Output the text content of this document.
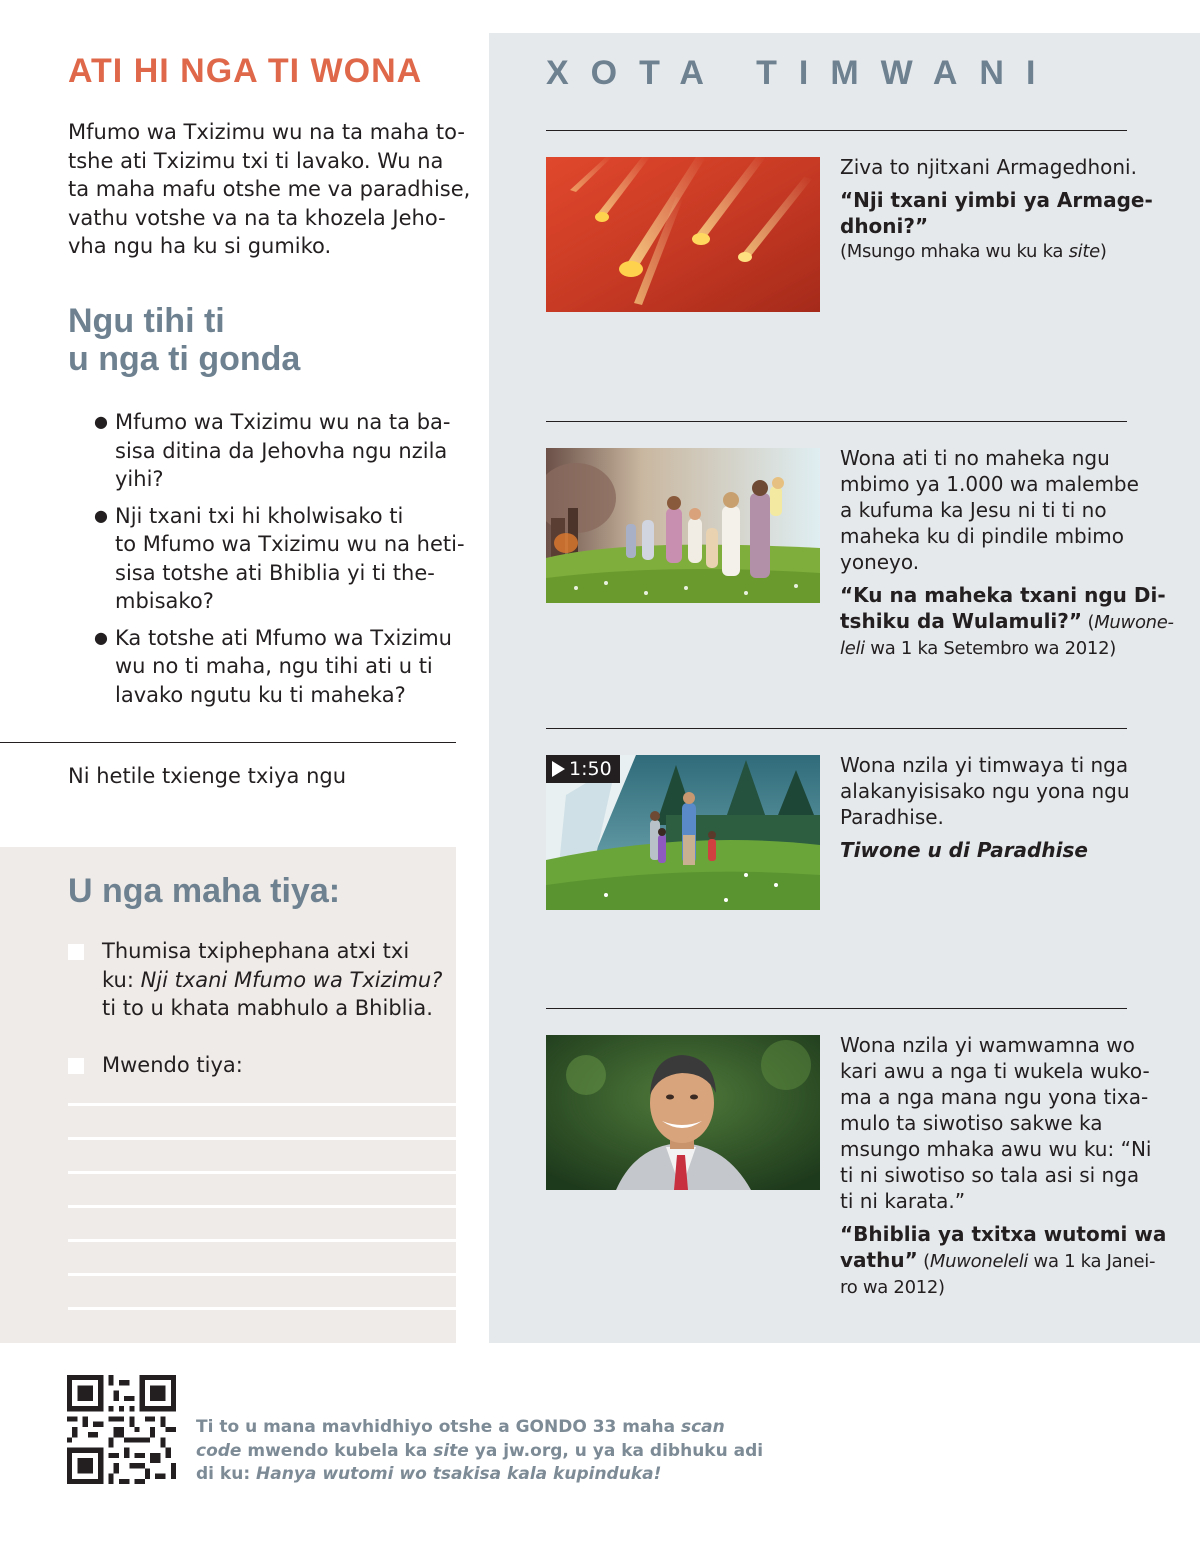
ATI HI NGA TI WONA
Mfumo wa Txizimu wu na ta maha to-
tshe ati Txizimu txi ti lavako. Wu na
ta maha mafu otshe me va paradhise,
vathu votshe va na ta khozela Jeho-
vha ngu ha ku si gumiko.
Ngu tihi ti
u nga ti gonda
● Mfumo wa Txizimu wu na ta ba-
sisa ditina da Jehovha ngu nzila
yihi?
● Nji txani txi hi kholwisako ti
to Mfumo wa Txizimu wu na heti-
sisa totshe ati Bhiblia yi ti the-
mbisako?
● Ka totshe ati Mfumo wa Txizimu
wu no ti maha, ngu tihi ati u ti
lavako ngutu ku ti maheka?
Ni hetile txienge txiya ngu
U nga maha tiya:
Thumisa txiphephana atxi txi
ku: Nji txani Mfumo wa Txizimu?
ti to u khata mabhulo a Bhiblia.
Mwendo tiya:
XOTA TIMWANI
Ziva to njitxani Armagedhoni.
“Nji txani yimbi ya Armage-
dhoni?”
(Msungo mhaka wu ku ka site)
Wona ati ti no maheka ngu
mbimo ya 1.000 wa malembe
a kufuma ka Jesu ni ti ti no
maheka ku di pindile mbimo
yoneyo.
“Ku na maheka txani ngu Di-
tshiku da Wulamuli?” (Muwone-
leli wa 1 ka Setembro wa 2012)
1:50	Wona nzila yi timwaya ti nga
alakanyisisako ngu yona ngu
Paradhise.
Tiwone u di Paradhise
Wona nzila yi wamwamna wo
kari awu a nga ti wukela wuko-
ma a nga mana ngu yona tixa-
mulo ta siwotiso sakwe ka
msungo mhaka awu wu ku: “Ni
ti ni siwotiso so tala asi si nga
ti ni karata.”
“Bhiblia ya txitxa wutomi wa
vathu” (Muwoneleli wa 1 ka Janei-
ro wa 2012)
Ti to u mana mavhidhiyo otshe a GONDO 33 maha scan
code mwendo kubela ka site ya jw.org, u ya ka dibhuku adi
di ku: Hanya wutomi wo tsakisa kala kupinduka!
